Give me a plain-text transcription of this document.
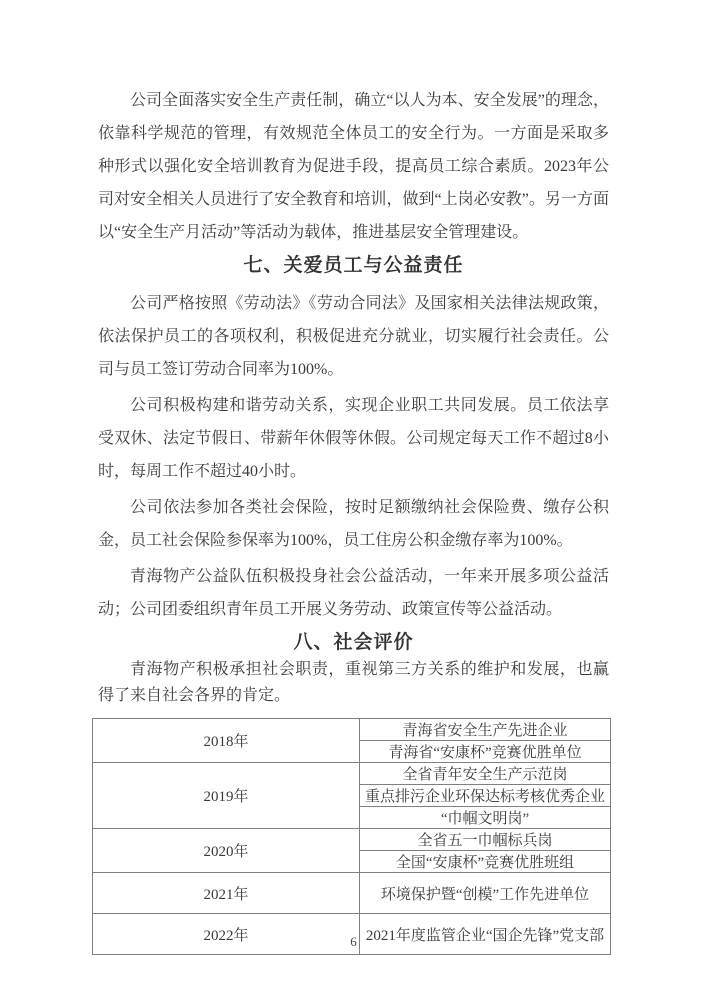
公司全面落实安全生产责任制，确立“以人为本、安全发展”的理念，依靠科学规范的管理，有效规范全体员工的安全行为。一方面是采取多种形式以强化安全培训教育为促进手段，提高员工综合素质。2023年公司对安全相关人员进行了安全教育和培训，做到“上岗必安教”。另一方面以“安全生产月活动”等活动为载体，推进基层安全管理建设。

七、关爱员工与公益责任

公司严格按照《劳动法》《劳动合同法》及国家相关法律法规政策，依法保护员工的各项权利，积极促进充分就业，切实履行社会责任。公司与员工签订劳动合同率为100%。

公司积极构建和谐劳动关系，实现企业职工共同发展。员工依法享受双休、法定节假日、带薪年休假等休假。公司规定每天工作不超过8小时，每周工作不超过40小时。

公司依法参加各类社会保险，按时足额缴纳社会保险费、缴存公积金，员工社会保险参保率为100%，员工住房公积金缴存率为100%。

青海物产公益队伍积极投身社会公益活动，一年来开展多项公益活动；公司团委组织青年员工开展义务劳动、政策宣传等公益活动。

八、社会评价

青海物产积极承担社会职责，重视第三方关系的维护和发展，也赢得了来自社会各界的肯定。

2018年	青海省安全生产先进企业
	青海省“安康杯”竞赛优胜单位
2019年	全省青年安全生产示范岗
	重点排污企业环保达标考核优秀企业
	“巾帼文明岗”
2020年	全省五一巾帼标兵岗
	全国“安康杯”竞赛优胜班组
2021年	环境保护暨“创模”工作先进单位
2022年	2021年度监管企业“国企先锋”党支部
6
